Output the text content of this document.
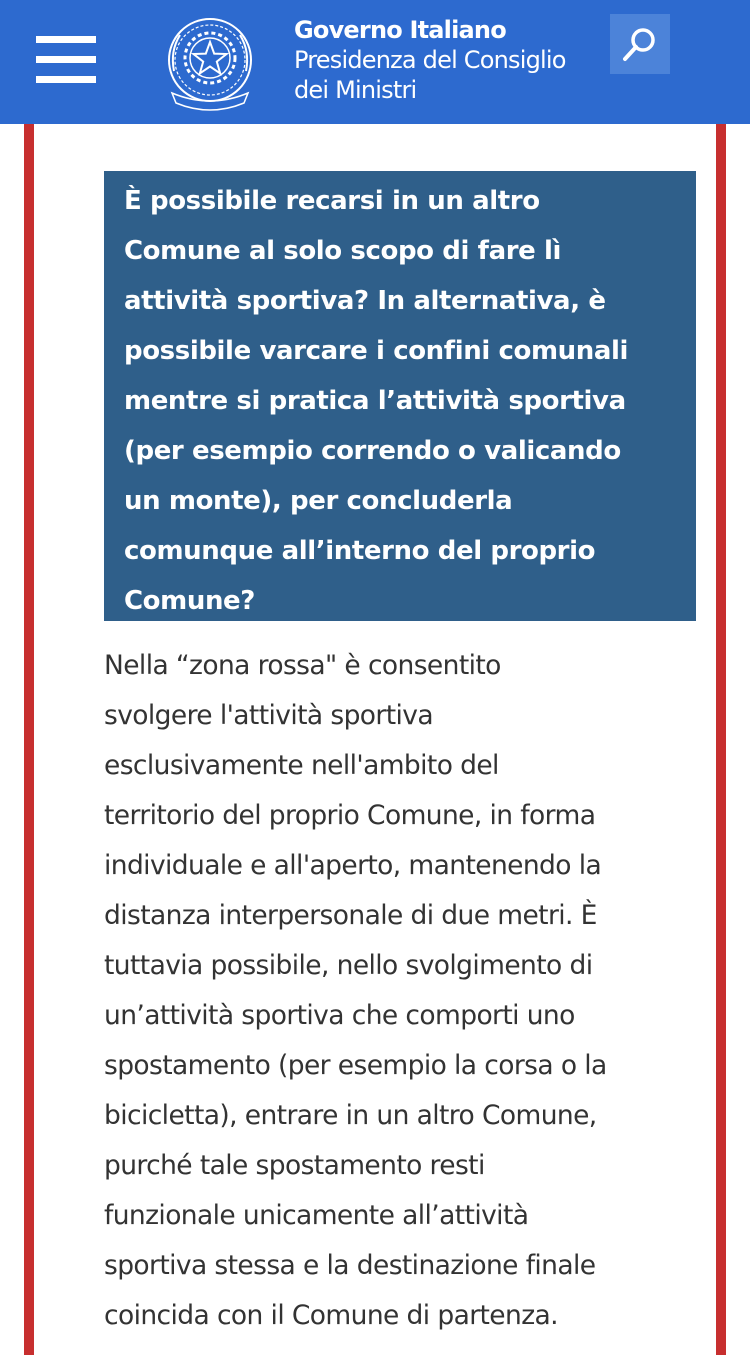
Governo Italiano
Presidenza del Consiglio
dei Ministri
È possibile recarsi in un altro
Comune al solo scopo di fare lì
attività sportiva? In alternativa, è
possibile varcare i confini comunali
mentre si pratica l’attività sportiva
(per esempio correndo o valicando
un monte), per concluderla
comunque all’interno del proprio
Comune?
Nella “zona rossa" è consentito
svolgere l'attività sportiva
esclusivamente nell'ambito del
territorio del proprio Comune, in forma
individuale e all'aperto, mantenendo la
distanza interpersonale di due metri. È
tuttavia possibile, nello svolgimento di
un’attività sportiva che comporti uno
spostamento (per esempio la corsa o la
bicicletta), entrare in un altro Comune,
purché tale spostamento resti
funzionale unicamente all’attività
sportiva stessa e la destinazione finale
coincida con il Comune di partenza.
